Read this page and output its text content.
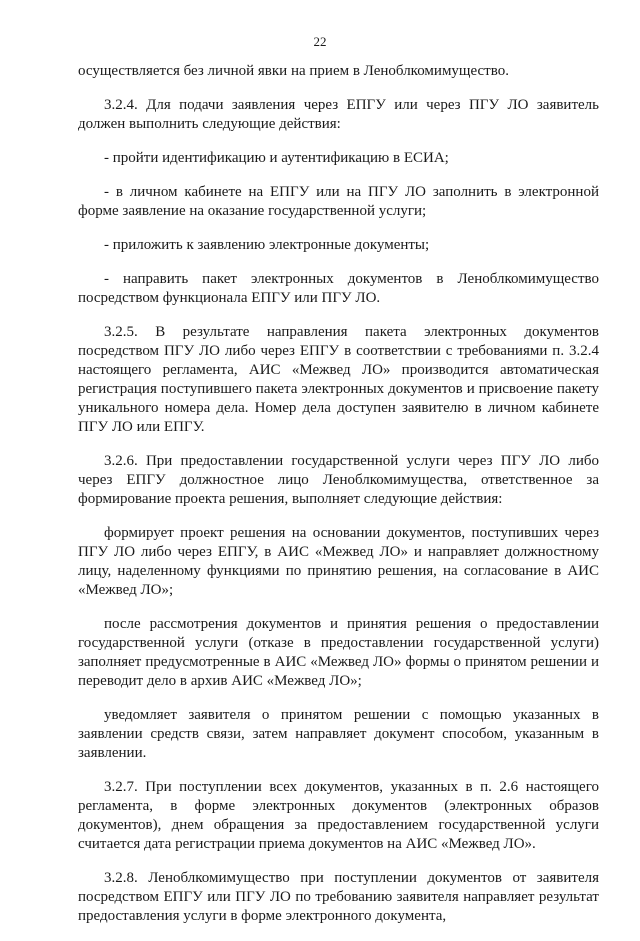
22

осуществляется без личной явки на прием в Леноблкомимущество.

3.2.4. Для подачи заявления через ЕПГУ или через ПГУ ЛО заявитель должен выполнить следующие действия:

- пройти идентификацию и аутентификацию в ЕСИА;

- в личном кабинете на ЕПГУ или на ПГУ ЛО заполнить в электронной форме заявление на оказание государственной услуги;

- приложить к заявлению электронные документы;

- направить пакет электронных документов в Леноблкомимущество посредством функционала ЕПГУ или ПГУ ЛО.

3.2.5. В результате направления пакета электронных документов посредством ПГУ ЛО либо через ЕПГУ в соответствии с требованиями п. 3.2.4 настоящего регламента, АИС «Межвед ЛО» производится автоматическая регистрация поступившего пакета электронных документов и присвоение пакету уникального номера дела. Номер дела доступен заявителю в личном кабинете ПГУ ЛО или ЕПГУ.

3.2.6. При предоставлении государственной услуги через ПГУ ЛО либо через ЕПГУ должностное лицо Леноблкомимущества, ответственное за формирование проекта решения, выполняет следующие действия:

формирует проект решения на основании документов, поступивших через ПГУ ЛО либо через ЕПГУ, в АИС «Межвед ЛО» и направляет должностному лицу, наделенному функциями по принятию решения, на согласование в АИС «Межвед ЛО»;

после рассмотрения документов и принятия решения о предоставлении государственной услуги (отказе в предоставлении государственной услуги) заполняет предусмотренные в АИС «Межвед ЛО» формы о принятом решении и переводит дело в архив АИС «Межвед ЛО»;

уведомляет заявителя о принятом решении с помощью указанных в заявлении средств связи, затем направляет документ способом, указанным в заявлении.

3.2.7. При поступлении всех документов, указанных в п. 2.6 настоящего регламента, в форме электронных документов (электронных образов документов), днем обращения за предоставлением государственной услуги считается дата регистрации приема документов на АИС «Межвед ЛО».

3.2.8. Леноблкомимущество при поступлении документов от заявителя посредством ЕПГУ или ПГУ ЛО по требованию заявителя направляет результат предоставления услуги в форме электронного документа,
